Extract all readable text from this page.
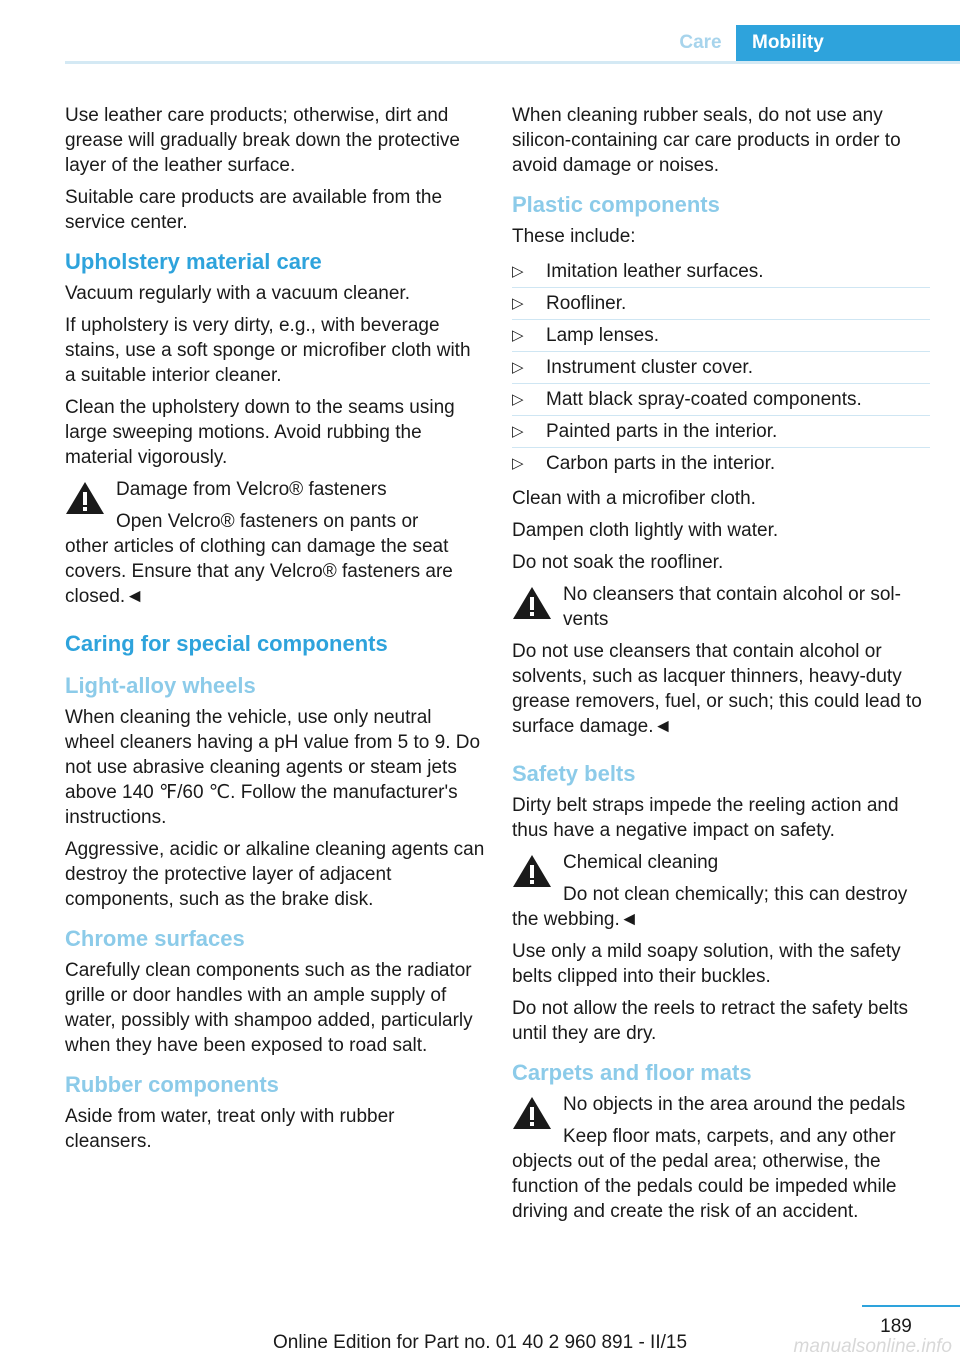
Care	Mobility

Use leather care products; otherwise, dirt and grease will gradually break down the protective layer of the leather surface.

Suitable care products are available from the service center.

Upholstery material care

Vacuum regularly with a vacuum cleaner.

If upholstery is very dirty, e.g., with beverage stains, use a soft sponge or microfiber cloth with a suitable interior cleaner.

Clean the upholstery down to the seams using large sweeping motions. Avoid rubbing the material vigorously.

Damage from Velcro® fasteners

Open Velcro® fasteners on pants or

other articles of clothing can damage the seat covers. Ensure that any Velcro® fasteners are closed.◄

Caring for special components
Light-alloy wheels

When cleaning the vehicle, use only neutral wheel cleaners having a pH value from 5 to 9. Do not use abrasive cleaning agents or steam jets above 140 ℉/60 ℃. Follow the manufacturer's instructions.

Aggressive, acidic or alkaline cleaning agents can destroy the protective layer of adjacent components, such as the brake disk.

Chrome surfaces

Carefully clean components such as the radiator grille or door handles with an ample supply of water, possibly with shampoo added, particularly when they have been exposed to road salt.

Rubber components

Aside from water, treat only with rubber cleansers.

When cleaning rubber seals, do not use any silicon-containing car care products in order to avoid damage or noises.

Plastic components

These include:

▷ Imitation leather surfaces.
▷ Roofliner.
▷ Lamp lenses.
▷ Instrument cluster cover.
▷ Matt black spray-coated components.
▷ Painted parts in the interior.
▷ Carbon parts in the interior.

Clean with a microfiber cloth.

Dampen cloth lightly with water.

Do not soak the roofliner.

No cleansers that contain alcohol or solvents

Do not use cleansers that contain alcohol or solvents, such as lacquer thinners, heavy-duty grease removers, fuel, or such; this could lead to surface damage.◄

Safety belts

Dirty belt straps impede the reeling action and thus have a negative impact on safety.

Chemical cleaning

Do not clean chemically; this can destroy

the webbing.◄

Use only a mild soapy solution, with the safety belts clipped into their buckles.

Do not allow the reels to retract the safety belts until they are dry.

Carpets and floor mats

No objects in the area around the pedals

Keep floor mats, carpets, and any other

objects out of the pedal area; otherwise, the function of the pedals could be impeded while driving and create the risk of an accident.

189
Online Edition for Part no. 01 40 2 960 891 - II/15	manualsonline.info
